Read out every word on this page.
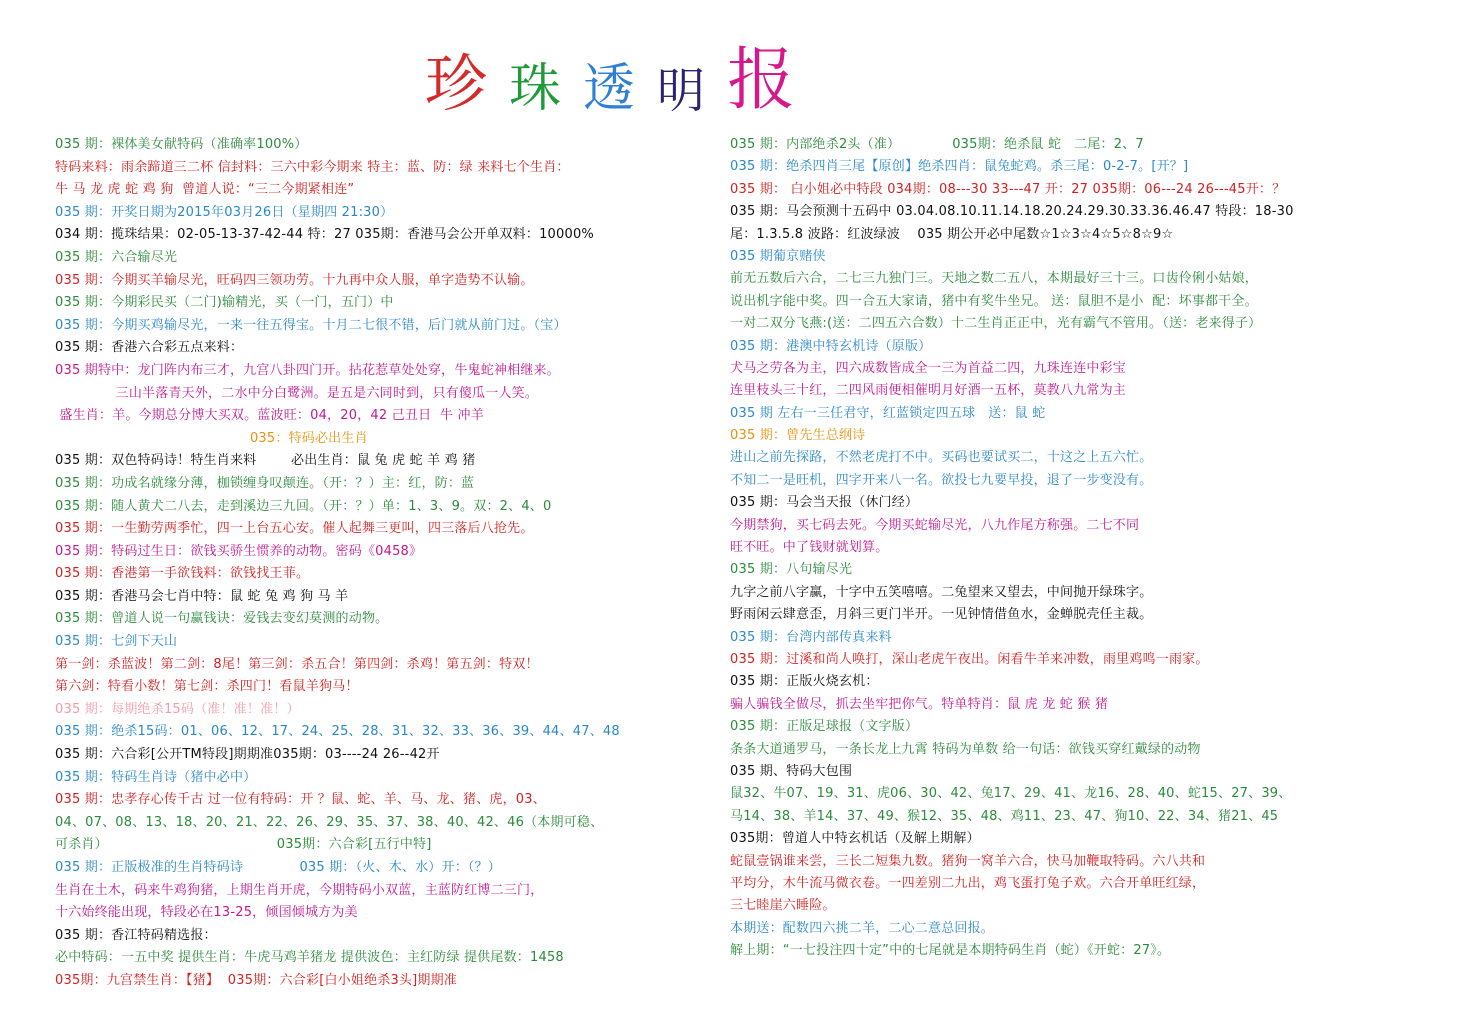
珍 珠 透 明 报
035 期：裸体美女献特码（准确率100%）
特码来料：雨余蹄道三二杯 信封料：三六中彩今期来 特主：蓝、防：绿 来料七个生肖：
牛 马 龙 虎 蛇 鸡 狗  曾道人说：“三二今期紧相连”
035 期：开奖日期为2015年03月26日（星期四 21:30）
034 期：揽珠结果：02-05-13-37-42-44 特：27 035期：香港马会公开单双料：10000%
035 期：六合输尽光
035 期：今期买羊输尽光，旺码四三领功劳。十九再中众人服，单字造势不认输。
035 期：今期彩民买（二门)输精光，买（一门，五门）中
035 期：今期买鸡输尽光，一来一往五得宝。十月二七很不错，后门就从前门过。（宝）
035 期：香港六合彩五点来料：
035 期特中：龙门阵内布三才，九宫八卦四门开。拈花惹草处处穿，牛鬼蛇神相继来。
三山半落青天外，二水中分白鹭洲。是五是六同时到，只有傻瓜一人笑。
盛生肖：羊。今期总分博大买双。蓝波旺：04，20，42 己丑日  牛 冲羊
035：特码必出生肖
035 期：双色特码诗！特生肖来料        必出生肖：鼠 兔 虎 蛇 羊 鸡 猪
035 期：功成名就缘分薄，枷锁缠身叹颠连。（开：？）主：红，防：蓝
035 期：随人黄犬二八去，走到溪边三九回。（开：？）单：1、3、9。双：2、4、0
035 期：一生勤劳两季忙，四一上台五心安。催人起舞三更叫，四三落后八抢先。
035 期：特码过生日：欲钱买骄生惯养的动物。密码《0458》
035 期：香港第一手欲钱料：欲钱找王菲。
035 期：香港马会七肖中特：鼠 蛇 兔 鸡 狗 马 羊
035 期：曾道人说一句赢钱诀：爱钱去变幻莫测的动物。
035 期：七剑下天山
第一剑：杀蓝波！第二剑：8尾！第三剑：杀五合！第四剑：杀鸡！第五剑：特双！
第六剑：特看小数！第七剑：杀四门！看鼠羊狗马！
035 期：每期绝杀15码（准！准！准！）
035 期：绝杀15码：01、06、12、17、24、25、28、31、32、33、36、39、44、47、48
035 期：六合彩[公开TM特段]期期准035期：03----24 26--42开
035 期：特码生肖诗（猪中必中）
035 期：忠孝存心传千古 过一位有特码：开 ？鼠、蛇、羊、马、龙、猪、虎，03、
04、07、08、13、18、20、21、22、26、29、35、37、38、40、42、46（本期可稳、
可杀肖）                                       035期：六合彩[五行中特]
035 期：正版极准的生肖特码诗             035 期：（火、木、水）开：（？）
生肖在土木，码来牛鸡狗猪，上期生肖开虎，今期特码小双蓝，主蓝防红博二三门，
十六始终能出现，特段必在13-25，倾国倾城方为美
035 期：香江特码精选报：
必中特码：一五中奖 提供生肖：牛虎马鸡羊猪龙 提供波色：主红防绿 提供尾数：1458
035期：九宫禁生肖：【猪】  035期：六合彩[白小姐绝杀3头]期期准
035 期：内部绝杀2头（准）            035期：绝杀鼠 蛇   二尾：2、7
035 期：绝杀四肖三尾【原创】绝杀四肖：鼠兔蛇鸡。杀三尾：0-2-7。[开？]
035 期： 白小姐必中特段 034期：08---30 33---47 开：27 035期：06---24 26---45开：？
035 期：马会预测十五码中 03.04.08.10.11.14.18.20.24.29.30.33.36.46.47 特段：18-30
尾：1.3.5.8 波路：红波绿波    035 期公开必中尾数☆1☆3☆4☆5☆8☆9☆
035 期葡京赌侠
前无五数后六合，二七三九独门三。天地之数二五八，本期最好三十三。口齿伶俐小姑娘，
说出机字能中奖。四一合五大家请，猪中有奖牛坐兄。 送：鼠胆不是小  配：坏事都干全。
一对二双分飞燕:(送：二四五六合数）十二生肖正正中，光有霸气不管用。（送：老来得子）
035 期：港澳中特玄机诗（原版）
犬马之劳各为主，四六成数皆成全一三为首益二四，九珠连连中彩宝
连里枝头三十红，二四风雨便相催明月好酒一五杯，莫教八九常为主
035 期 左右一三任君守，红蓝锁定四五球   送：鼠 蛇
035 期：曾先生总纲诗
进山之前先探路，不然老虎打不中。买码也要试买二，十这之上五六忙。
不知二一是旺机，四字开来八一名。欲投七九要早投，退了一步变没有。
035 期：马会当天报（休门经）
今期禁狗，买七码去死。今期买蛇输尽光，八九作尾方称强。二七不同
旺不旺。中了钱财就划算。
035 期：八句输尽光
九字之前八字赢，十字中五笑嘻嘻。二兔望来又望去，中间抛开绿珠字。
野雨闲云肆意歪，月斜三更门半开。一见钟情借鱼水，金蝉脱壳任主裁。
035 期：台湾内部传真来料
035 期：过溪和尚人唤打，深山老虎午夜出。闲看牛羊来冲数，雨里鸡鸣一雨家。
035 期：正版火烧玄机：
骗人骗钱全做尽，抓去坐牢把你气。特单特肖：鼠 虎 龙 蛇 猴 猪
035 期：正版足球报（文字版）
条条大道通罗马，一条长龙上九霄 特码为单数 给一句话：欲钱买穿红戴绿的动物
035 期、特码大包围
鼠32、牛07、19、31、虎06、30、42、兔17、29、41、龙16、28、40、蛇15、27、39、
马14、38、羊14、37、49、猴12、35、48、鸡11、23、47、狗10、22、34、猪21、45
035期：曾道人中特玄机话（及解上期解）
蛇鼠壹锅谁来尝，三长二短集九数。猪狗一窝羊六合，快马加鞭取特码。六八共和
平均分，木牛流马微衣卷。一四差别二九出，鸡飞蛋打兔子欢。六合开单旺红绿，
三七睦崖六睡险。
本期送：配数四六挑二羊，二心二意总回报。
解上期：“一七投注四十定”中的七尾就是本期特码生肖（蛇）《开蛇：27》。
